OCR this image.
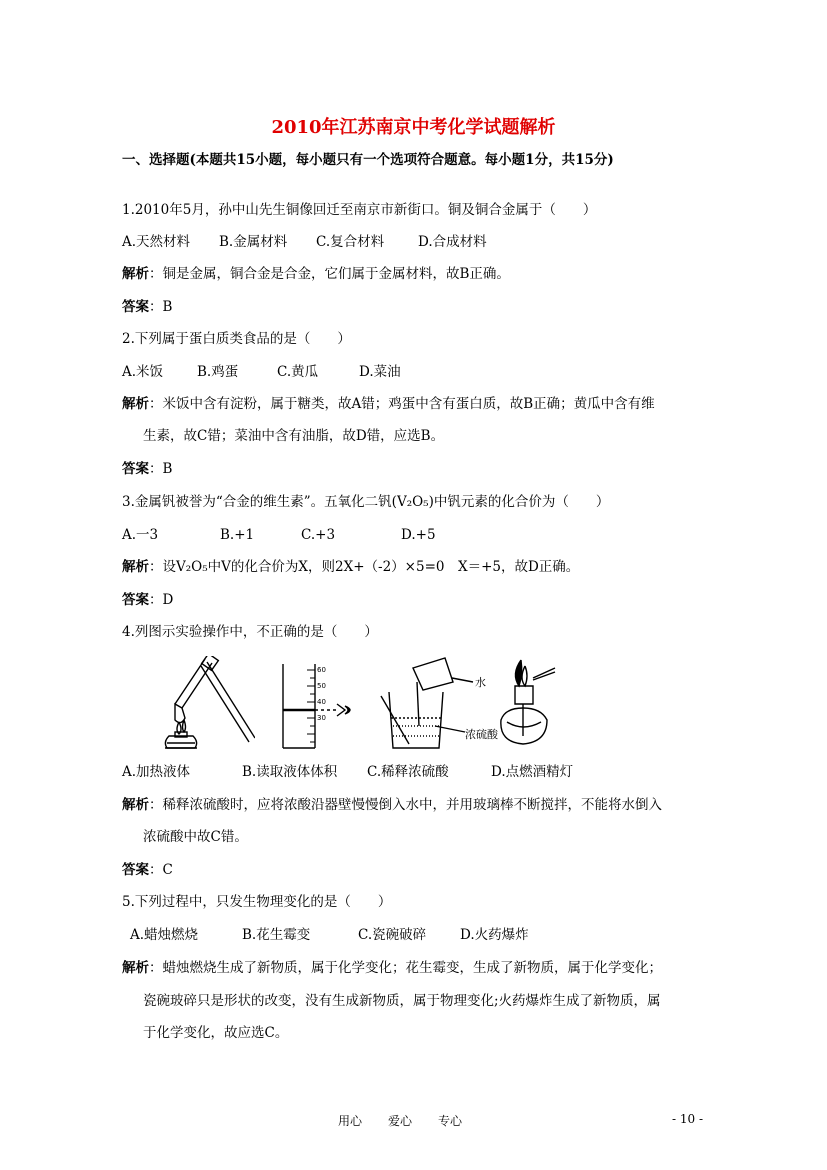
2010年江苏南京中考化学试题解析
一、选择题(本题共15小题，每小题只有一个选项符合题意。每小题1分，共15分)
1.2010年5月，孙中山先生铜像回迁至南京市新街口。铜及铜合金属于（　　）
A.天然材料 B.金属材料 C.复合材料	D.合成材料
解析：铜是金属，铜合金是合金，它们属于金属材料，故B正确。
答案：B
2.下列属于蛋白质类食品的是（　　）
A.米饭	B.鸡蛋	C.黄瓜	D.菜油
解析：米饭中含有淀粉，属于糖类，故A错；鸡蛋中含有蛋白质，故B正确；黄瓜中含有维
生素，故C错；菜油中含有油脂，故D错，应选B。
答案：B
3.金属钒被誉为“合金的维生素”。五氧化二钒(V₂O₅)中钒元素的化合价为（　　）
A.一3	B.+1	C.+3	D.+5
解析：设V₂O₅中V的化合价为X，则2X+（-2）×5=0　X＝+5，故D正确。
答案：D
4.列图示实验操作中，不正确的是（　　）
60
50
40
30
水
浓硫酸
A.加热液体	B.读取液体体积 C.稀释浓硫酸	D.点燃酒精灯
解析：稀释浓硫酸时，应将浓酸沿器壁慢慢倒入水中，并用玻璃棒不断搅拌，不能将水倒入
浓硫酸中故C错。
答案：C
5.下列过程中，只发生物理变化的是（　　）
A.蜡烛燃烧	B.花生霉变	C.瓷碗破碎	D.火药爆炸
解析：蜡烛燃烧生成了新物质，属于化学变化；花生霉变，生成了新物质，属于化学变化；
瓷碗玻碎只是形状的改变，没有生成新物质，属于物理变化;火药爆炸生成了新物质，属
于化学变化，故应选C。
用心 爱心 专心	- 10 -
